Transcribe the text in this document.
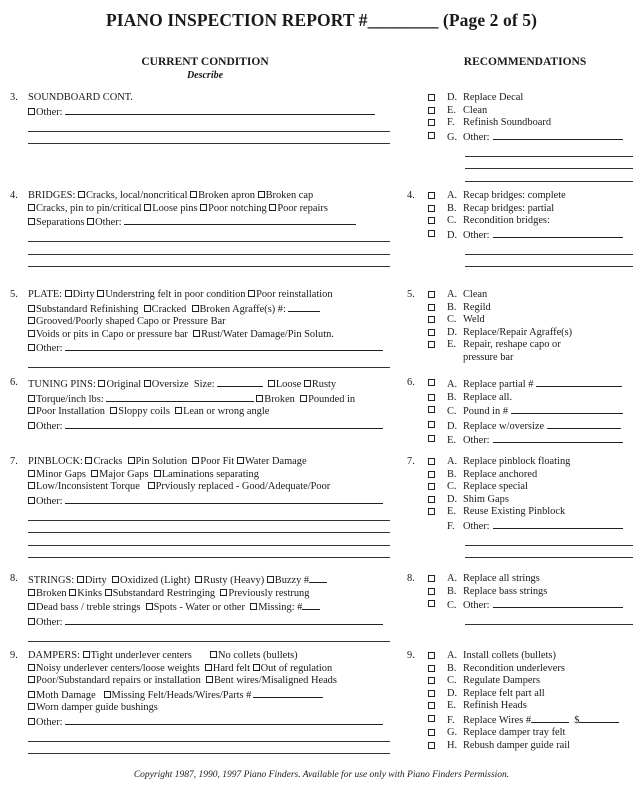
PIANO INSPECTION REPORT #________ (Page 2 of 5)
CURRENT CONDITION
Describe
RECOMMENDATIONS
3. SOUNDBOARD CONT.
Other:
D. Replace Decal
E. Clean
F. Refinish Soundboard
G. Other:
4. BRIDGES: Cracks, local/noncritical Broken apron Broken cap
Cracks, pin to pin/critical Loose pins Poor notching Poor repairs
Separations Other:
4.	A. Recap bridges: complete
B. Recap bridges: partial
C. Recondition bridges:
D. Other:
5. PLATE: Dirty Understring felt in poor condition Poor reinstallation
Substandard Refinishing Cracked Broken Agraffe(s) #:
Grooved/Poorly shaped Capo or Pressure Bar
Voids or pits in Capo or pressure bar Rust/Water Damage/Pin Solutn.
Other:
5.	A. Clean
B. Regild
C. Weld
D. Replace/Repair Agraffe(s)
E. Repair, reshape capo or
pressure bar
6. TUNING PINS: Original Oversize Size:	Loose Rusty
Torque/inch lbs:	Broken Pounded in
Poor Installation Sloppy coils Lean or wrong angle
Other:
6.	A. Replace partial #
B. Replace all.
C. Pound in #
D. Replace w/oversize
E. Other:
7. PINBLOCK: Cracks Pin Solution Poor Fit Water Damage
Minor Gaps Major Gaps Laminations separating
Low/Inconsistent Torque Prviously replaced - Good/Adequate/Poor
Other:
7.	A. Replace pinblock floating
B. Replace anchored
C. Replace special
D. Shim Gaps
E. Reuse Existing Pinblock
F. Other:
8. STRINGS: Dirty Oxidized (Light) Rusty (Heavy) Buzzy #
Broken Kinks Substandard Restringing Previously restrung
Dead bass / treble strings Spots - Water or other Missing: #
Other:
8.	A. Replace all strings
B. Replace bass strings
C. Other:
9. DAMPERS: Tight underlever centers	No collets (bullets)
Noisy underlever centers/loose weights Hard felt Out of regulation
Poor/Substandard repairs or installation Bent wires/Misaligned Heads
Moth Damage Missing Felt/Heads/Wires/Parts #
Worn damper guide bushings
Other:
9.	A. Install collets (bullets)
B. Recondition underlevers
C. Regulate Dampers
D. Replace felt part all
E. Refinish Heads
F. Replace Wires #	$
G. Replace damper tray felt
H. Rebush damper guide rail
Copyright 1987, 1990, 1997 Piano Finders. Available for use only with Piano Finders Permission.
